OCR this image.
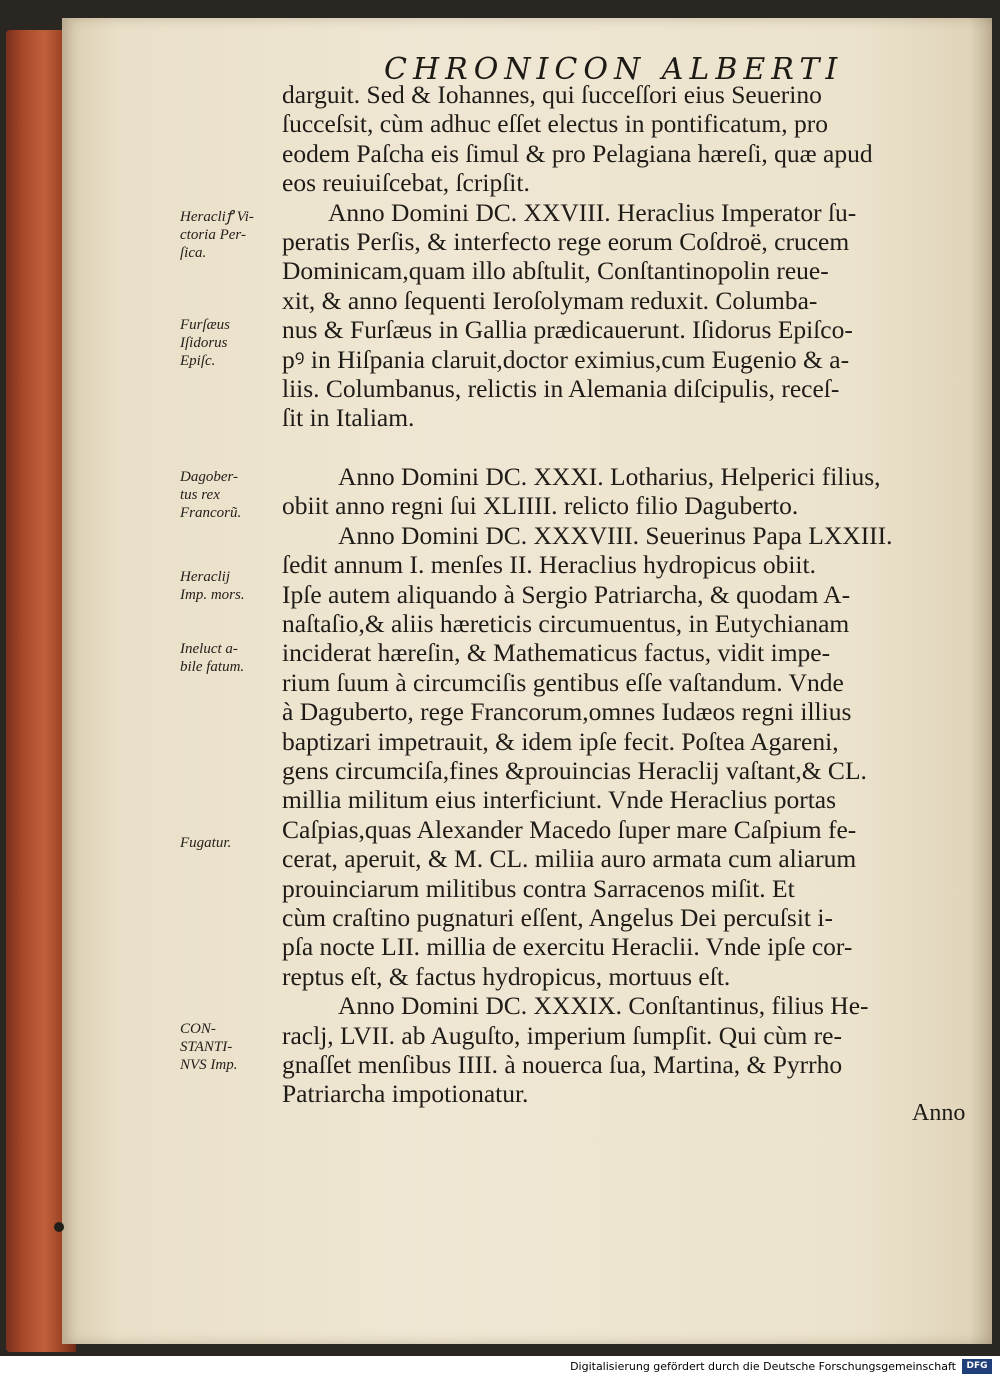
CHRONICON ALBERTI
Heracliꝭ Vi-
ctoria Per-
ſica.
Furſæus
Iſidorus
Epiſc.
Dagober-
tus rex
Francorũ.
Heraclij
Imp. mors.
Ineluct a-
bile fatum.
Fugatur.
CON-
STANTI-
NVS Imp.
darguit. Sed & Iohannes, qui ſucceſſori eius Seuerino
ſucceſsit, cùm adhuc eſſet electus in pontificatum, pro
eodem Paſcha eis ſimul & pro Pelagiana hæreſi, quæ apud
eos reuiuiſcebat, ſcripſit.
Anno Domini DC. XXVIII. Heraclius Imperator ſu-
peratis Perſis, & interfecto rege eorum Coſdroë, crucem
Dominicam,quam illo abſtulit, Conſtantinopolin reue-
xit, & anno ſequenti Ieroſolymam reduxit. Columba-
nus & Furſæus in Gallia prædicauerunt. Iſidorus Epiſco-
pꝰ in Hiſpania claruit,doctor eximius,cum Eugenio & a-
liis. Columbanus, relictis in Alemania diſcipulis, receſ-
ſit in Italiam.
Anno Domini DC. XXXI. Lotharius, Helperici filius,
obiit anno regni ſui XLIIII. relicto filio Daguberto.
Anno Domini DC. XXXVIII. Seuerinus Papa LXXIII.
ſedit annum I. menſes II. Heraclius hydropicus obiit.
Ipſe autem aliquando à Sergio Patriarcha, & quodam A-
naſtaſio,& aliis hæreticis circumuentus, in Eutychianam
inciderat hæreſin, & Mathematicus factus, vidit impe-
rium ſuum à circumciſis gentibus eſſe vaſtandum. Vnde
à Daguberto, rege Francorum,omnes Iudæos regni illius
baptizari impetrauit, & idem ipſe fecit. Poſtea Agareni,
gens circumciſa,fines &prouincias Heraclij vaſtant,& CL.
millia militum eius interficiunt. Vnde Heraclius portas
Caſpias,quas Alexander Macedo ſuper mare Caſpium fe-
cerat, aperuit, & M. CL. miliia auro armata cum aliarum
prouinciarum militibus contra Sarracenos miſit. Et
cùm craſtino pugnaturi eſſent, Angelus Dei percuſsit i-
pſa nocte LII. millia de exercitu Heraclii. Vnde ipſe cor-
reptus eſt, & factus hydropicus, mortuus eſt.
Anno Domini DC. XXXIX. Conſtantinus, filius He-
raclj, LVII. ab Auguſto, imperium ſumpſit. Qui cùm re-
gnaſſet menſibus IIII. à nouerca ſua, Martina, & Pyrrho
Patriarcha impotionatur.
Anno
Digitalisierung gefördert durch die Deutsche Forschungsgemeinschaft	DFG
